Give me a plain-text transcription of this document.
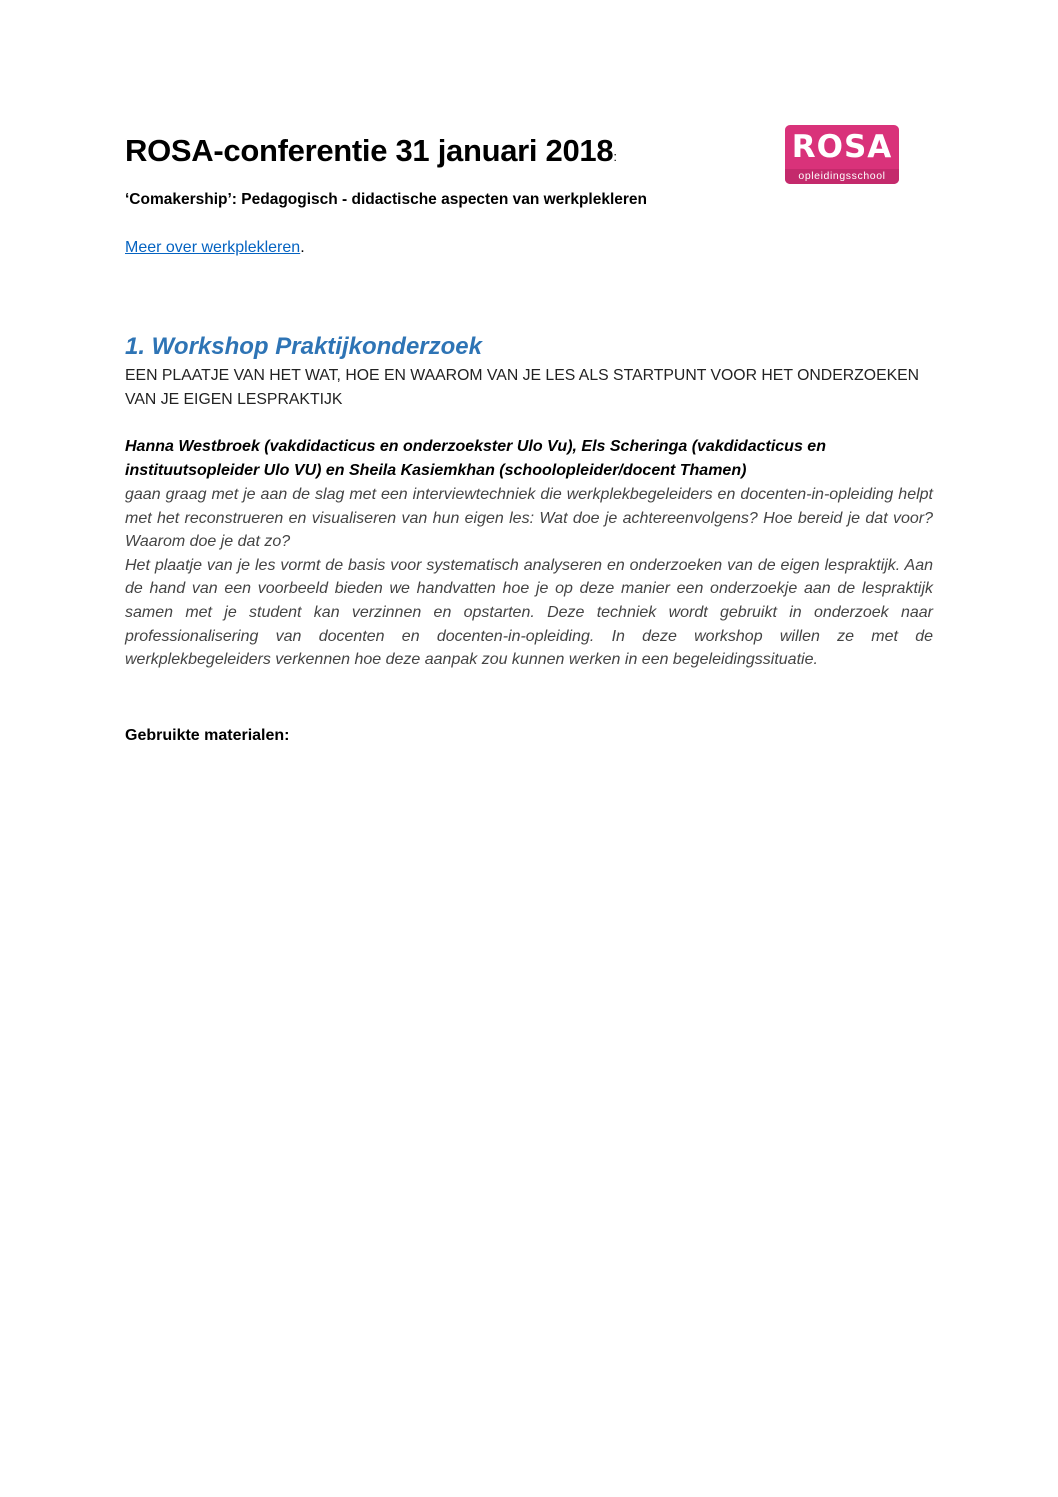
ROSA-conferentie 31 januari 2018:	ROSA
opleidingsschool
‘Comakership’: Pedagogisch - didactische aspecten van werkplekleren
Meer over werkplekleren.
1. Workshop Praktijkonderzoek
EEN PLAATJE VAN HET WAT, HOE EN WAAROM VAN JE LES ALS STARTPUNT VOOR HET ONDERZOEKEN VAN JE EIGEN LESPRAKTIJK
Hanna Westbroek (vakdidacticus en onderzoekster Ulo Vu), Els Scheringa (vakdidacticus en instituutsopleider Ulo VU) en Sheila Kasiemkhan (schoolopleider/docent Thamen)

gaan graag met je aan de slag met een interviewtechniek die werkplekbegeleiders en docenten-in-opleiding helpt met het reconstrueren en visualiseren van hun eigen les: Wat doe je achtereenvolgens? Hoe bereid je dat voor? Waarom doe je dat zo?

Het plaatje van je les vormt de basis voor systematisch analyseren en onderzoeken van de eigen lespraktijk. Aan de hand van een voorbeeld bieden we handvatten hoe je op deze manier een onderzoekje aan de lespraktijk samen met je student kan verzinnen en opstarten. Deze techniek wordt gebruikt in onderzoek naar professionalisering van docenten en docenten-in-opleiding. In deze workshop willen ze met de werkplekbegeleiders verkennen hoe deze aanpak zou kunnen werken in een begeleidingssituatie.

Gebruikte materialen:
